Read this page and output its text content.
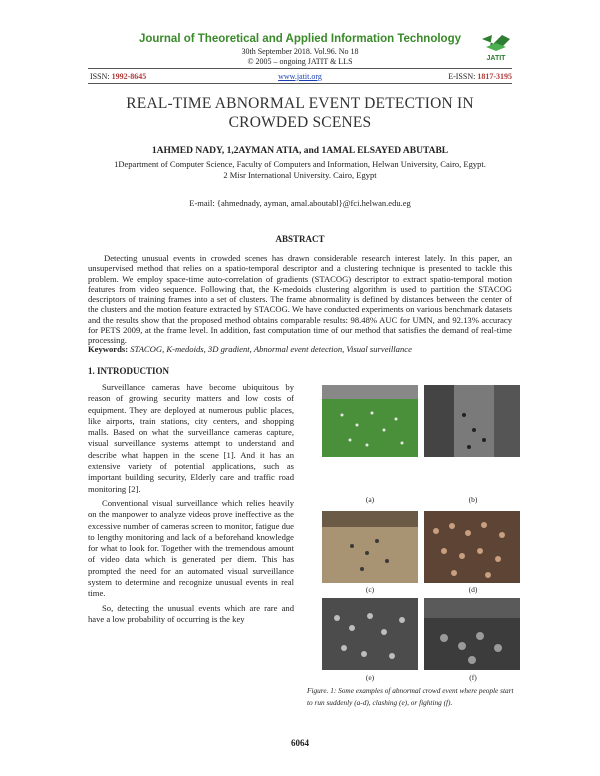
Journal of Theoretical and Applied Information Technology
30th September 2018. Vol.96. No 18
© 2005 – ongoing JATIT & LLS	JATIT
ISSN: 1992-8645	www.jatit.org	E-ISSN: 1817-3195
REAL-TIME ABNORMAL EVENT DETECTION IN
CROWDED SCENES
1AHMED NADY, 1,2AYMAN ATIA, and 1AMAL ELSAYED ABUTABL
1Department of Computer Science, Faculty of Computers and Information, Helwan University, Cairo, Egypt.
2 Misr International University. Cairo, Egypt
E-mail: {ahmednady, ayman, amal.aboutabl}@fci.helwan.edu.eg
ABSTRACT
Detecting unusual events in crowded scenes has drawn considerable research interest lately. In this paper, an unsupervised method that relies on a spatio-temporal descriptor and a clustering technique is presented to tackle this problem. We employ space-time auto-correlation of gradients (STACOG) descriptor to extract spatio-temporal motion features from video sequence. Following that, the K-medoids clustering algorithm is used to partition the STACOG descriptors of training frames into a set of clusters. The frame abnormality is defined by distances between the center of the clusters and the motion feature extracted by STACOG. We have conducted experiments on various benchmark datasets and the results show that the proposed method obtains comparable results: 98.48% AUC for UMN, and 92.13% accuracy for PETS 2009, at the frame level. In addition, fast computation time of our method that satisfies the demand of real-time processing.
Keywords: STACOG, K-medoids, 3D gradient, Abnormal event detection, Visual surveillance
1. INTRODUCTION

Surveillance cameras have become ubiquitous by reason of growing security matters and low costs of equipment. They are deployed at numerous public places, like airports, train stations, city centers, and shopping malls. Based on what the surveillance cameras capture, visual surveillance systems attempt to understand and describe what happen in the scene [1]. And it has an extensive variety of potential applications, such as important building security, Elderly care and traffic road monitoring [2].

Conventional visual surveillance which relies heavily on the manpower to analyze videos prove ineffective as the excessive number of cameras screen to monitor, fatigue due to lengthy monitoring and lack of a beforehand knowledge for what to look for. Together with the tremendous amount of video data which is generated per diem. This has prompted the need for an automated visual surveillance system to determine and recognize unusual events in real time.

So, detecting the unusual events which are rare and have a low probability of occurring is the key

(a)	(b)
(c)	(d)
(e)	(f)
Figure. 1: Some examples of abnormal crowd event where people start to run suddenly (a-d), clashing (e), or fighting (f).
6064
